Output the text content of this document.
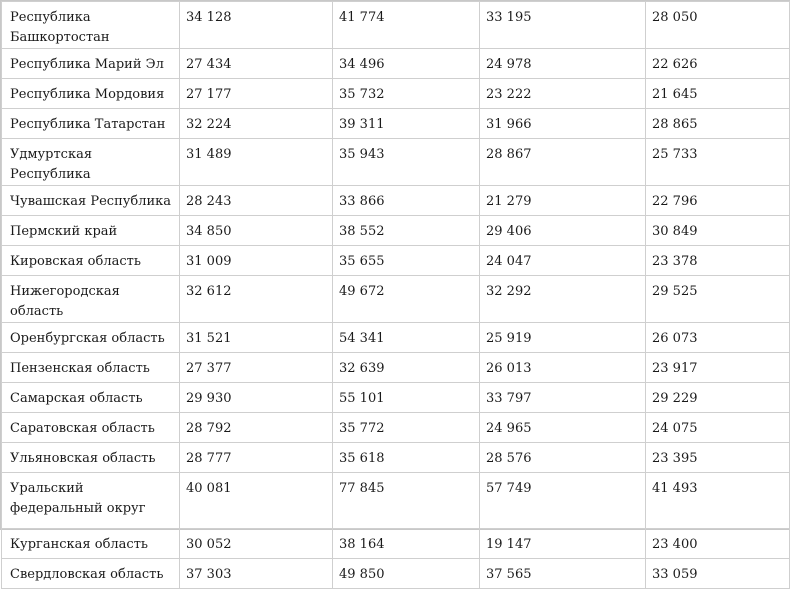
Республика Башкортостан	34 128	41 774	33 195	28 050
Республика Марий Эл	27 434	34 496	24 978	22 626
Республика Мордовия	27 177	35 732	23 222	21 645
Республика Татарстан	32 224	39 311	31 966	28 865
Удмуртская Республика	31 489	35 943	28 867	25 733
Чувашская Республика	28 243	33 866	21 279	22 796
Пермский край	34 850	38 552	29 406	30 849
Кировская область	31 009	35 655	24 047	23 378
Нижегородская область	32 612	49 672	32 292	29 525
Оренбургская область	31 521	54 341	25 919	26 073
Пензенская область	27 377	32 639	26 013	23 917
Самарская область	29 930	55 101	33 797	29 229
Саратовская область	28 792	35 772	24 965	24 075
Ульяновская область	28 777	35 618	28 576	23 395
Уральский федеральный округ	40 081	77 845	57 749	41 493
Курганская область	30 052	38 164	19 147	23 400
Свердловская область	37 303	49 850	37 565	33 059
